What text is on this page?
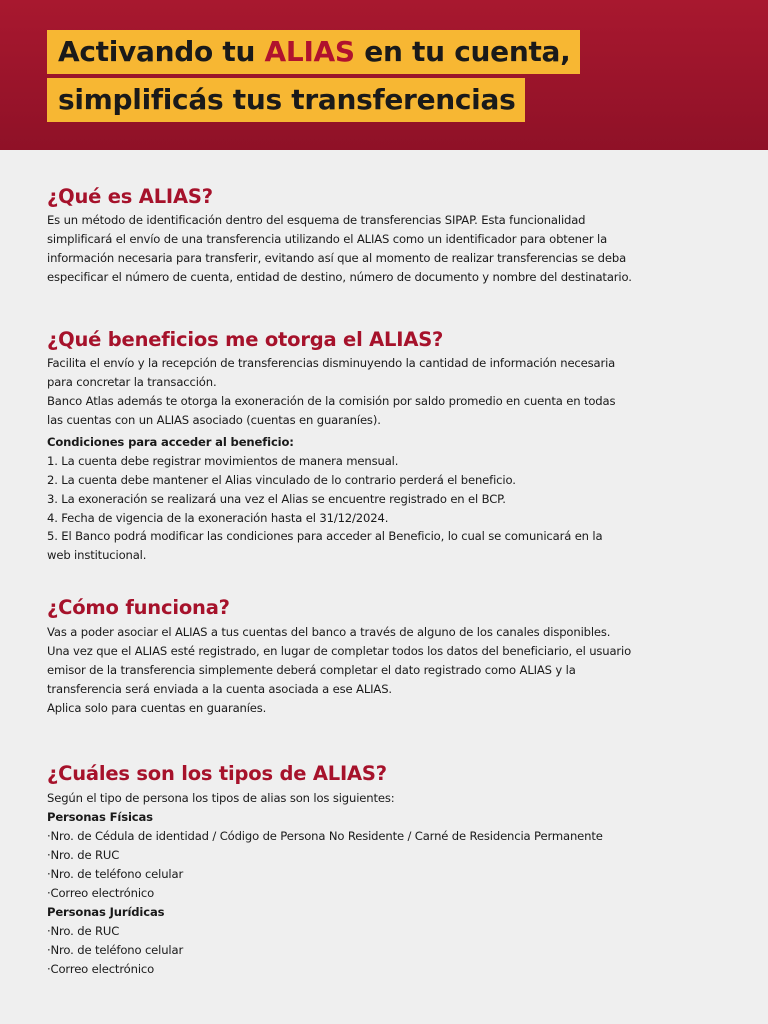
Activando tu ALIAS en tu cuenta,
simplificás tus transferencias
¿Qué es ALIAS?
Es un método de identificación dentro del esquema de transferencias SIPAP. Esta funcionalidad
simplificará el envío de una transferencia utilizando el ALIAS como un identificador para obtener la
información necesaria para transferir, evitando así que al momento de realizar transferencias se deba
especificar el número de cuenta, entidad de destino, número de documento y nombre del destinatario.
¿Qué beneficios me otorga el ALIAS?
Facilita el envío y la recepción de transferencias disminuyendo la cantidad de información necesaria
para concretar la transacción.
Banco Atlas además te otorga la exoneración de la comisión por saldo promedio en cuenta en todas
las cuentas con un ALIAS asociado (cuentas en guaraníes).
Condiciones para acceder al beneficio:
1. La cuenta debe registrar movimientos de manera mensual.
2. La cuenta debe mantener el Alias vinculado de lo contrario perderá el beneficio.
3. La exoneración se realizará una vez el Alias se encuentre registrado en el BCP.
4. Fecha de vigencia de la exoneración hasta el 31/12/2024.
5. El Banco podrá modificar las condiciones para acceder al Beneficio, lo cual se comunicará en la
web institucional.
¿Cómo funciona?
Vas a poder asociar el ALIAS a tus cuentas del banco a través de alguno de los canales disponibles.
Una vez que el ALIAS esté registrado, en lugar de completar todos los datos del beneficiario, el usuario
emisor de la transferencia simplemente deberá completar el dato registrado como ALIAS y la
transferencia será enviada a la cuenta asociada a ese ALIAS.
Aplica solo para cuentas en guaraníes.
¿Cuáles son los tipos de ALIAS?
Según el tipo de persona los tipos de alias son los siguientes:
Personas Físicas
·Nro. de Cédula de identidad / Código de Persona No Residente / Carné de Residencia Permanente
·Nro. de RUC
·Nro. de teléfono celular
·Correo electrónico
Personas Jurídicas
·Nro. de RUC
·Nro. de teléfono celular
·Correo electrónico
